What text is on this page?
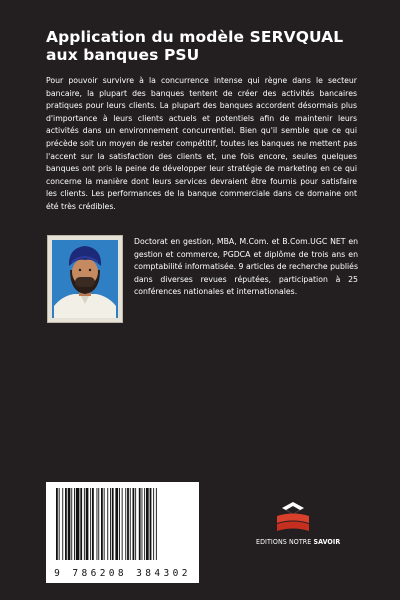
Application du modèle SERVQUAL aux banques PSU

Pour pouvoir survivre à la concurrence intense qui règne dans le secteur bancaire, la plupart des banques tentent de créer des activités bancaires pratiques pour leurs clients. La plupart des banques accordent désormais plus d'importance à leurs clients actuels et potentiels afin de maintenir leurs activités dans un environnement concurrentiel. Bien qu'il semble que ce qui précède soit un moyen de rester compétitif, toutes les banques ne mettent pas l'accent sur la satisfaction des clients et, une fois encore, seules quelques banques ont pris la peine de développer leur stratégie de marketing en ce qui concerne la manière dont leurs services devraient être fournis pour satisfaire les clients. Les performances de la banque commerciale dans ce domaine ont été très crédibles.

Doctorat en gestion, MBA, M.Com. et B.Com.UGC NET en gestion et commerce, PGDCA et diplôme de trois ans en comptabilité informatisée. 9 articles de recherche publiés dans diverses revues réputées, participation à 25 conférences nationales et internationales.

9 786208 384302
EDITIONS NOTRE SAVOIR
